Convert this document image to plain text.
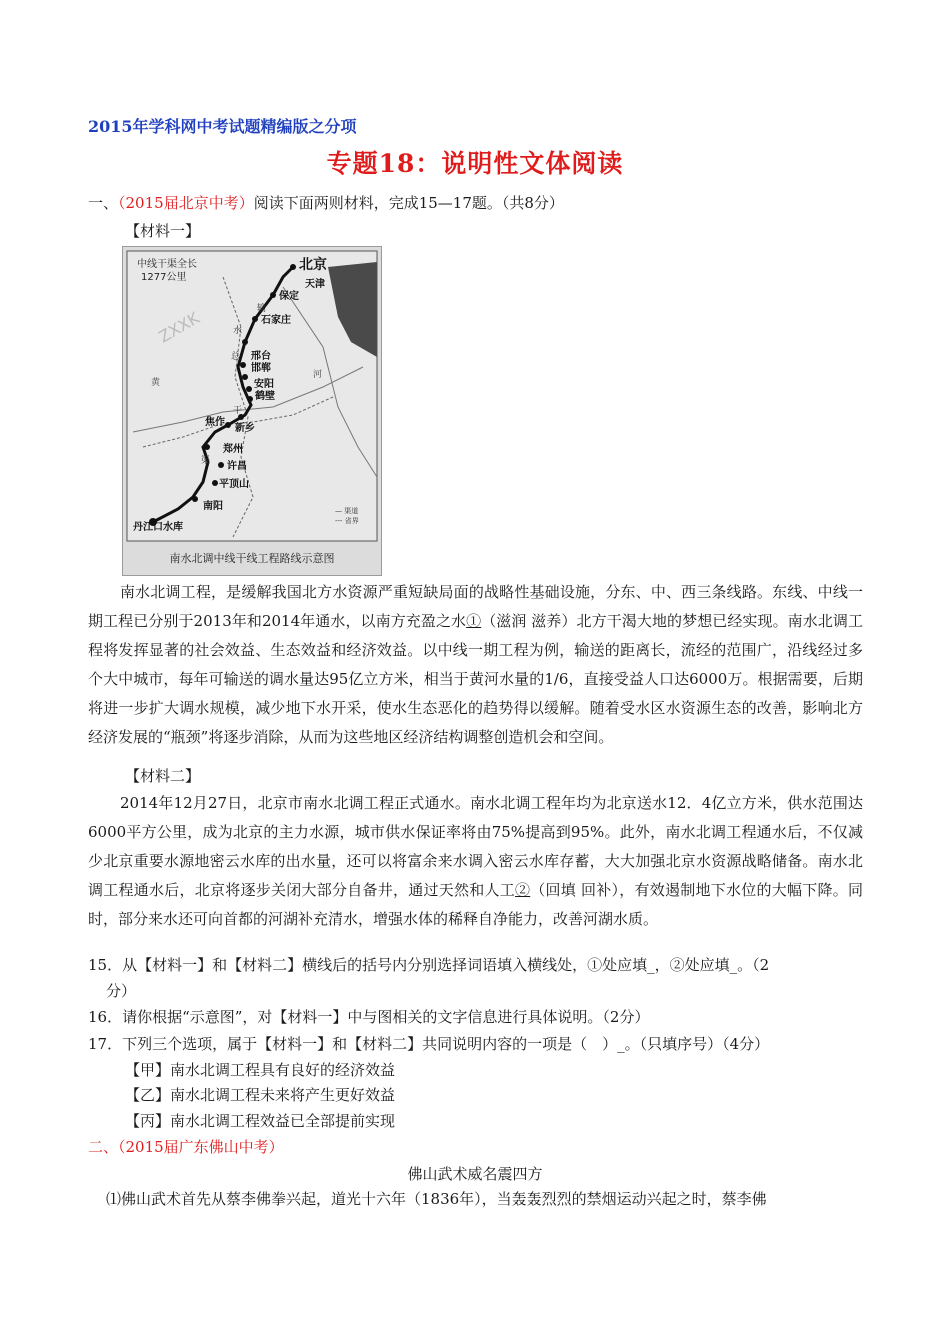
2015年学科网中考试题精编版之分项
专题18：说明性文体阅读
一、（2015届北京中考）阅读下面两则材料，完成15—17题。（共8分）
【材料一】
中线干渠全长
1277公里
北京
天津
保定
石家庄
邢台
邯郸
安阳
鹤壁
焦作
新乡
郑州
许昌
平顶山
南阳
丹江口水库
输
水
总
干
渠
黄
河
— 渠道
--- 省界
ZXXK
南水北调中线干线工程路线示意图
南水北调工程，是缓解我国北方水资源严重短缺局面的战略性基础设施，分东、中、西三条线路。东线、中线一期工程已分别于2013年和2014年通水，以南方充盈之水①（滋润 滋养）北方干渴大地的梦想已经实现。南水北调工程将发挥显著的社会效益、生态效益和经济效益。以中线一期工程为例，输送的距离长，流经的范围广，沿线经过多个大中城市，每年可输送的调水量达95亿立方米，相当于黄河水量的1/6，直接受益人口达6000万。根据需要，后期将进一步扩大调水规模，减少地下水开采，使水生态恶化的趋势得以缓解。随着受水区水资源生态的改善，影响北方经济发展的“瓶颈”将逐步消除，从而为这些地区经济结构调整创造机会和空间。
【材料二】
2014年12月27日，北京市南水北调工程正式通水。南水北调工程年均为北京送水12．4亿立方米，供水范围达6000平方公里，成为北京的主力水源，城市供水保证率将由75%提高到95%。此外，南水北调工程通水后，不仅减少北京重要水源地密云水库的出水量，还可以将富余来水调入密云水库存蓄，大大加强北京水资源战略储备。南水北调工程通水后，北京将逐步关闭大部分自备井，通过天然和人工②（回填 回补），有效遏制地下水位的大幅下降。同时，部分来水还可向首都的河湖补充清水，增强水体的稀释自净能力，改善河湖水质。
15．从【材料一】和【材料二】横线后的括号内分别选择词语填入横线处，①处应填_，②处应填_。（2
分）
16．请你根据“示意图”，对【材料一】中与图相关的文字信息进行具体说明。（2分）
17．下列三个选项，属于【材料一】和【材料二】共同说明内容的一项是（　）_。（只填序号）（4分）
【甲】南水北调工程具有良好的经济效益
【乙】南水北调工程未来将产生更好效益
【丙】南水北调工程效益已全部提前实现
二、（2015届广东佛山中考）
佛山武术威名震四方
⑴佛山武术首先从蔡李佛拳兴起，道光十六年（1836年），当轰轰烈烈的禁烟运动兴起之时，蔡李佛
